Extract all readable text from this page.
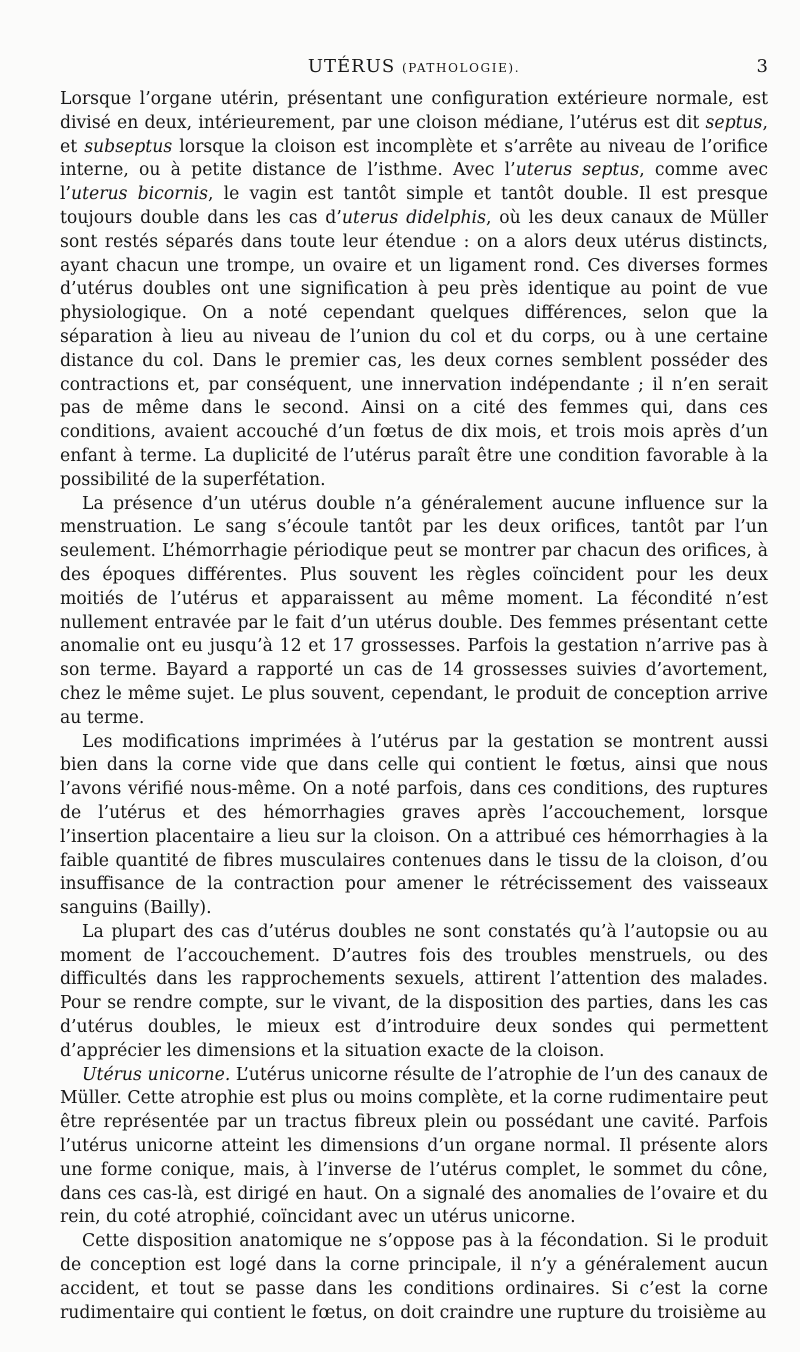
UTÉRUS (PATHOLOGIE).	3

Lorsque l’organe utérin, présentant une configuration extérieure normale, est divisé en deux, intérieurement, par une cloison médiane, l’utérus est dit septus, et subseptus lorsque la cloison est incomplète et s’arrête au niveau de l’orifice interne, ou à petite distance de l’isthme. Avec l’uterus septus, comme avec l’uterus bicornis, le vagin est tantôt simple et tantôt double. Il est presque toujours double dans les cas d’uterus didelphis, où les deux canaux de Müller sont restés séparés dans toute leur étendue : on a alors deux utérus distincts, ayant chacun une trompe, un ovaire et un ligament rond. Ces diverses formes d’utérus doubles ont une signification à peu près identique au point de vue physiologique. On a noté cependant quelques différences, selon que la séparation à lieu au niveau de l’union du col et du corps, ou à une certaine distance du col. Dans le premier cas, les deux cornes semblent posséder des contractions et, par conséquent, une innervation indépendante ; il n’en serait pas de même dans le second. Ainsi on a cité des femmes qui, dans ces conditions, avaient accouché d’un fœtus de dix mois, et trois mois après d’un enfant à terme. La duplicité de l’utérus paraît être une condition favorable à la possibilité de la superfétation.

La présence d’un utérus double n’a généralement aucune influence sur la menstruation. Le sang s’écoule tantôt par les deux orifices, tantôt par l’un seulement. L’hémorrhagie périodique peut se montrer par chacun des orifices, à des époques différentes. Plus souvent les règles coïncident pour les deux moitiés de l’utérus et apparaissent au même moment. La fécondité n’est nullement entravée par le fait d’un utérus double. Des femmes présentant cette anomalie ont eu jusqu’à 12 et 17 grossesses. Parfois la gestation n’arrive pas à son terme. Bayard a rapporté un cas de 14 grossesses suivies d’avortement, chez le même sujet. Le plus souvent, cependant, le produit de conception arrive au terme.

Les modifications imprimées à l’utérus par la gestation se montrent aussi bien dans la corne vide que dans celle qui contient le fœtus, ainsi que nous l’avons vérifié nous-même. On a noté parfois, dans ces conditions, des ruptures de l’utérus et des hémorrhagies graves après l’accouchement, lorsque l’insertion placentaire a lieu sur la cloison. On a attribué ces hémorrhagies à la faible quantité de fibres musculaires contenues dans le tissu de la cloison, d’ou insuffisance de la contraction pour amener le rétrécissement des vaisseaux sanguins (Bailly).

La plupart des cas d’utérus doubles ne sont constatés qu’à l’autopsie ou au moment de l’accouchement. D’autres fois des troubles menstruels, ou des difficultés dans les rapprochements sexuels, attirent l’attention des malades. Pour se rendre compte, sur le vivant, de la disposition des parties, dans les cas d’utérus doubles, le mieux est d’introduire deux sondes qui permettent d’apprécier les dimensions et la situation exacte de la cloison.

Utérus unicorne. L’utérus unicorne résulte de l’atrophie de l’un des canaux de Müller. Cette atrophie est plus ou moins complète, et la corne rudimentaire peut être représentée par un tractus fibreux plein ou possédant une cavité. Parfois l’utérus unicorne atteint les dimensions d’un organe normal. Il présente alors une forme conique, mais, à l’inverse de l’utérus complet, le sommet du cône, dans ces cas-là, est dirigé en haut. On a signalé des anomalies de l’ovaire et du rein, du coté atrophié, coïncidant avec un utérus unicorne.

Cette disposition anatomique ne s’oppose pas à la fécondation. Si le produit de conception est logé dans la corne principale, il n’y a généralement aucun accident, et tout se passe dans les conditions ordinaires. Si c’est la corne rudimentaire qui contient le fœtus, on doit craindre une rupture du troisième au
